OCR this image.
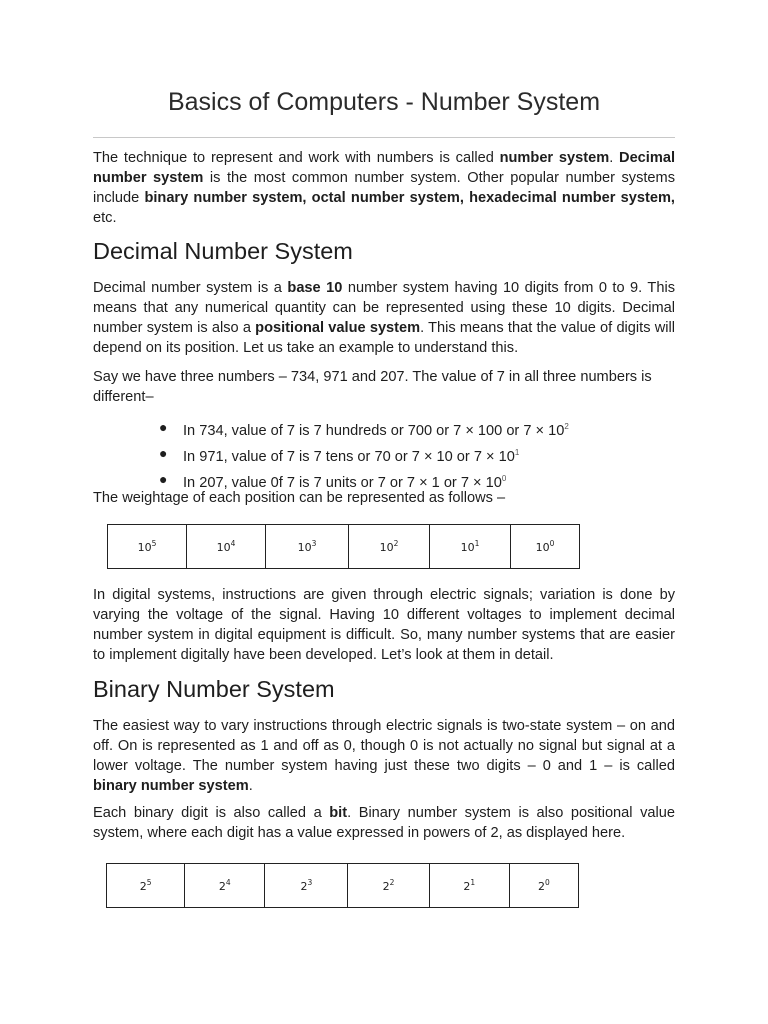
Basics of Computers - Number System

The technique to represent and work with numbers is called number system. Decimal number system is the most common number system. Other popular number systems include binary number system, octal number system, hexadecimal number system, etc.

Decimal Number System

Decimal number system is a base 10 number system having 10 digits from 0 to 9. This means that any numerical quantity can be represented using these 10 digits. Decimal number system is also a positional value system. This means that the value of digits will depend on its position. Let us take an example to understand this.

Say we have three numbers – 734, 971 and 207. The value of 7 in all three numbers is different–

● In 734, value of 7 is 7 hundreds or 700 or 7 × 100 or $7 \times 10^2$
● In 971, value of 7 is 7 tens or 70 or 7 × 10 or $7 \times 10^1$
● In 207, value 0f 7 is 7 units or 7 or 7 × 1 or $7 \times 10^0$

The weightage of each position can be represented as follows –

$10^5$	$10^4$	$10^3$	$10^2$	$10^1$	$10^0$

In digital systems, instructions are given through electric signals; variation is done by varying the voltage of the signal. Having 10 different voltages to implement decimal number system in digital equipment is difficult. So, many number systems that are easier to implement digitally have been developed. Let’s look at them in detail.

Binary Number System

The easiest way to vary instructions through electric signals is two-state system – on and off. On is represented as 1 and off as 0, though 0 is not actually no signal but signal at a lower voltage. The number system having just these two digits – 0 and 1 – is called binary number system.

Each binary digit is also called a bit. Binary number system is also positional value system, where each digit has a value expressed in powers of 2, as displayed here.

$2^5$	$2^4$	$2^3$	$2^2$	$2^1$	$2^0$
